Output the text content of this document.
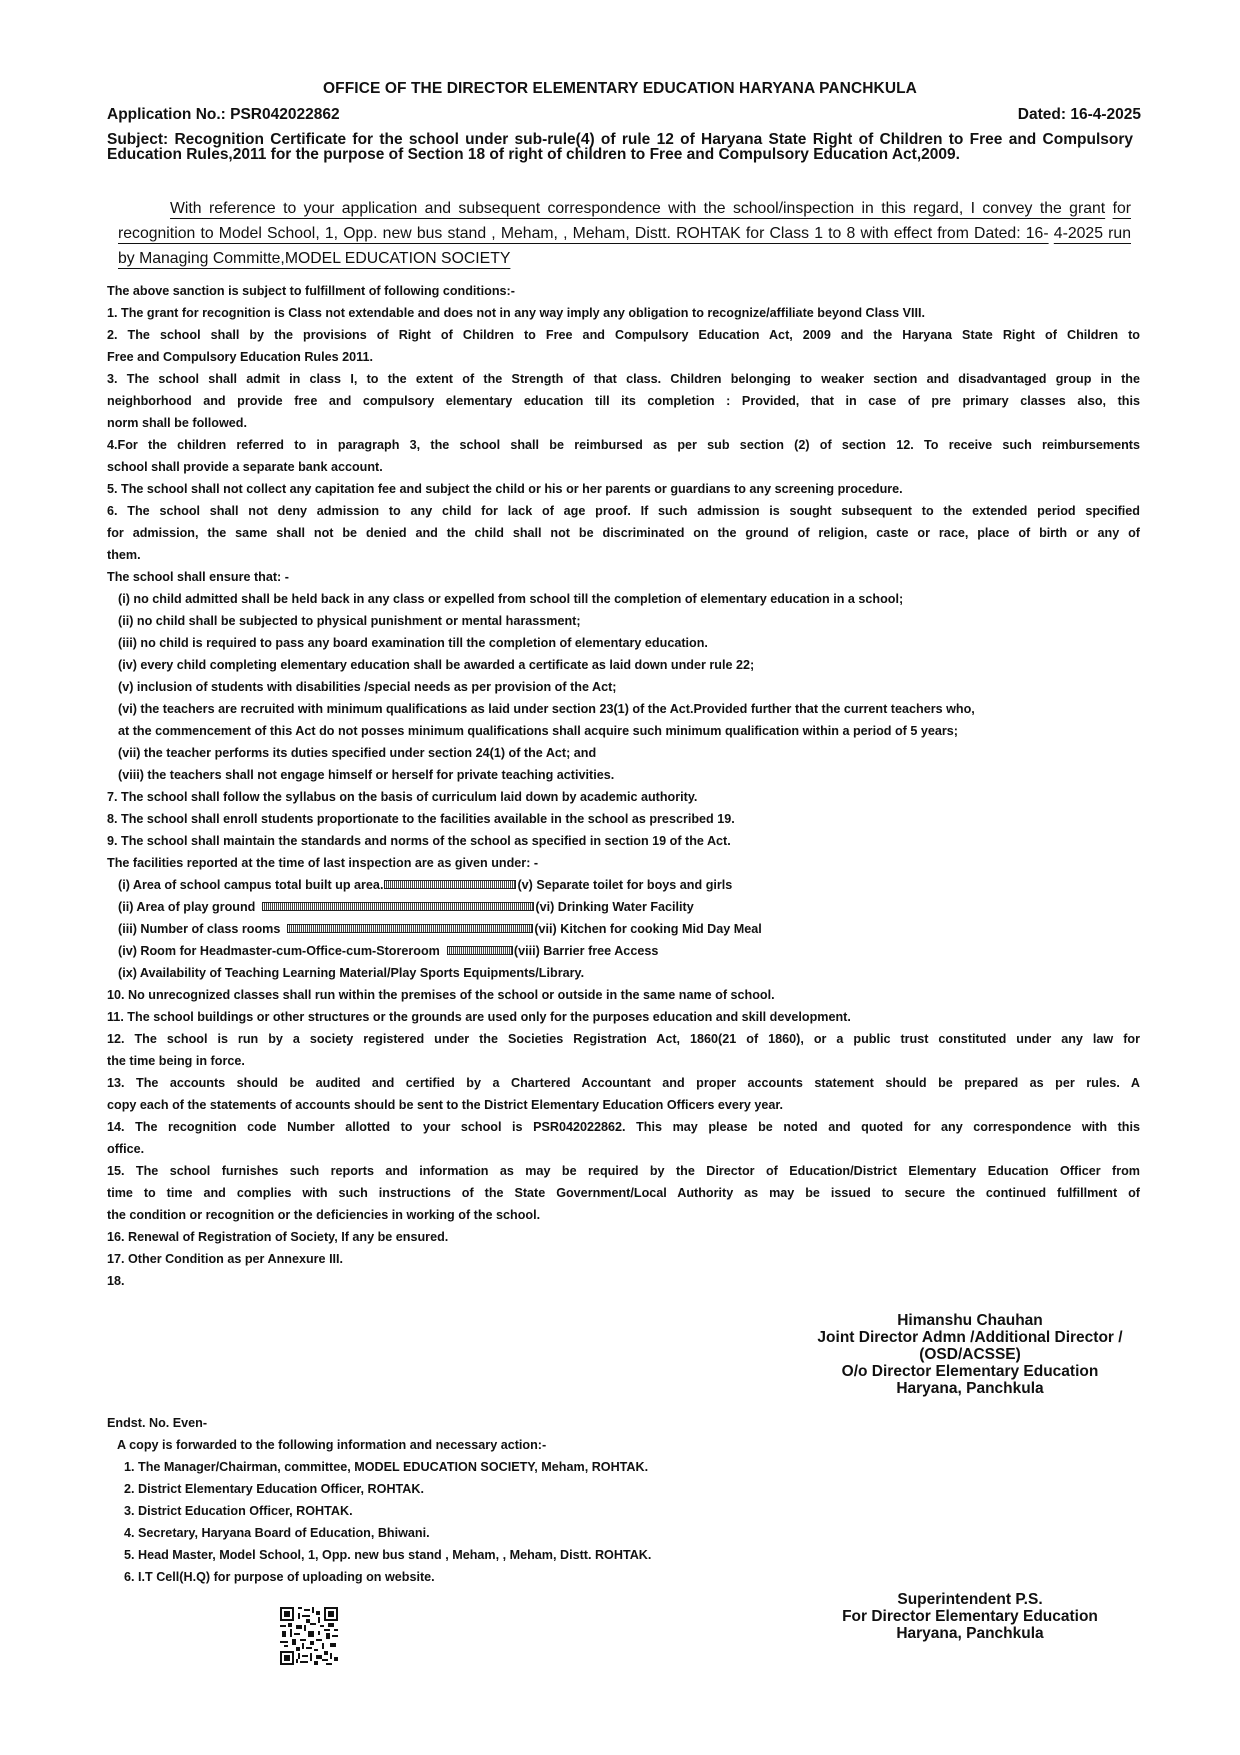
OFFICE OF THE DIRECTOR ELEMENTARY EDUCATION HARYANA PANCHKULA
Application No.: PSR042022862	Dated: 16-4-2025
Subject: Recognition Certificate for the school under sub-rule(4) of rule 12 of Haryana State Right of Children to Free and Compulsory Education Rules,2011 for the purpose of Section 18 of right of children to Free and Compulsory Education Act,2009.
With reference to your application and subsequent correspondence with the school/inspection in this regard, I convey the grant for recognition to Model School, 1, Opp. new bus stand , Meham, , Meham, Distt. ROHTAK for Class 1 to 8 with effect from Dated: 16- 4-2025 run by Managing Committe,MODEL EDUCATION SOCIETY
The above sanction is subject to fulfillment of following conditions:-
1. The grant for recognition is Class not extendable and does not in any way imply any obligation to recognize/affiliate beyond Class VIII.
2. The school shall by the provisions of Right of Children to Free and Compulsory Education Act, 2009 and the Haryana State Right of Children to
Free and Compulsory Education Rules 2011.
3. The school shall admit in class I, to the extent of the Strength of that class. Children belonging to weaker section and disadvantaged group in the
neighborhood and provide free and compulsory elementary education till its completion : Provided, that in case of pre primary classes also, this
norm shall be followed.
4.For the children referred to in paragraph 3, the school shall be reimbursed as per sub section (2) of section 12. To receive such reimbursements
school shall provide a separate bank account.
5. The school shall not collect any capitation fee and subject the child or his or her parents or guardians to any screening procedure.
6. The school shall not deny admission to any child for lack of age proof. If such admission is sought subsequent to the extended period specified
for admission, the same shall not be denied and the child shall not be discriminated on the ground of religion, caste or race, place of birth or any of
them.
The school shall ensure that: -
(i) no child admitted shall be held back in any class or expelled from school till the completion of elementary education in a school;
(ii) no child shall be subjected to physical punishment or mental harassment;
(iii) no child is required to pass any board examination till the completion of elementary education.
(iv) every child completing elementary education shall be awarded a certificate as laid down under rule 22;
(v) inclusion of students with disabilities /special needs as per provision of the Act;
(vi) the teachers are recruited with minimum qualifications as laid under section 23(1) of the Act.Provided further that the current teachers who,
at the commencement of this Act do not posses minimum qualifications shall acquire such minimum qualification within a period of 5 years;
(vii) the teacher performs its duties specified under section 24(1) of the Act; and
(viii) the teachers shall not engage himself or herself for private teaching activities.
7. The school shall follow the syllabus on the basis of curriculum laid down by academic authority.
8. The school shall enroll students proportionate to the facilities available in the school as prescribed 19.
9. The school shall maintain the standards and norms of the school as specified in section 19 of the Act.
The facilities reported at the time of last inspection are as given under: -
(i) Area of school campus total built up area.	(v) Separate toilet for boys and girls
(ii) Area of play ground	(vi) Drinking Water Facility
(iii) Number of class rooms	(vii) Kitchen for cooking Mid Day Meal
(iv) Room for Headmaster-cum-Office-cum-Storeroom	(viii) Barrier free Access
(ix) Availability of Teaching Learning Material/Play Sports Equipments/Library.
10. No unrecognized classes shall run within the premises of the school or outside in the same name of school.
11. The school buildings or other structures or the grounds are used only for the purposes education and skill development.
12. The school is run by a society registered under the Societies Registration Act, 1860(21 of 1860), or a public trust constituted under any law for
the time being in force.
13. The accounts should be audited and certified by a Chartered Accountant and proper accounts statement should be prepared as per rules. A
copy each of the statements of accounts should be sent to the District Elementary Education Officers every year.
14. The recognition code Number allotted to your school is PSR042022862. This may please be noted and quoted for any correspondence with this
office.
15. The school furnishes such reports and information as may be required by the Director of Education/District Elementary Education Officer from
time to time and complies with such instructions of the State Government/Local Authority as may be issued to secure the continued fulfillment of
the condition or recognition or the deficiencies in working of the school.
16. Renewal of Registration of Society, If any be ensured.
17. Other Condition as per Annexure III.
18.
Himanshu Chauhan
Joint Director Admn /Additional Director /
(OSD/ACSSE)
O/o Director Elementary Education
Haryana, Panchkula
Endst. No. Even-
A copy is forwarded to the following information and necessary action:-
1. The Manager/Chairman, committee, MODEL EDUCATION SOCIETY, Meham, ROHTAK.
2. District Elementary Education Officer, ROHTAK.
3. District Education Officer, ROHTAK.
4. Secretary, Haryana Board of Education, Bhiwani.
5. Head Master, Model School, 1, Opp. new bus stand , Meham, , Meham, Distt. ROHTAK.
6. I.T Cell(H.Q) for purpose of uploading on website.
Superintendent P.S.
For Director Elementary Education
Haryana, Panchkula
